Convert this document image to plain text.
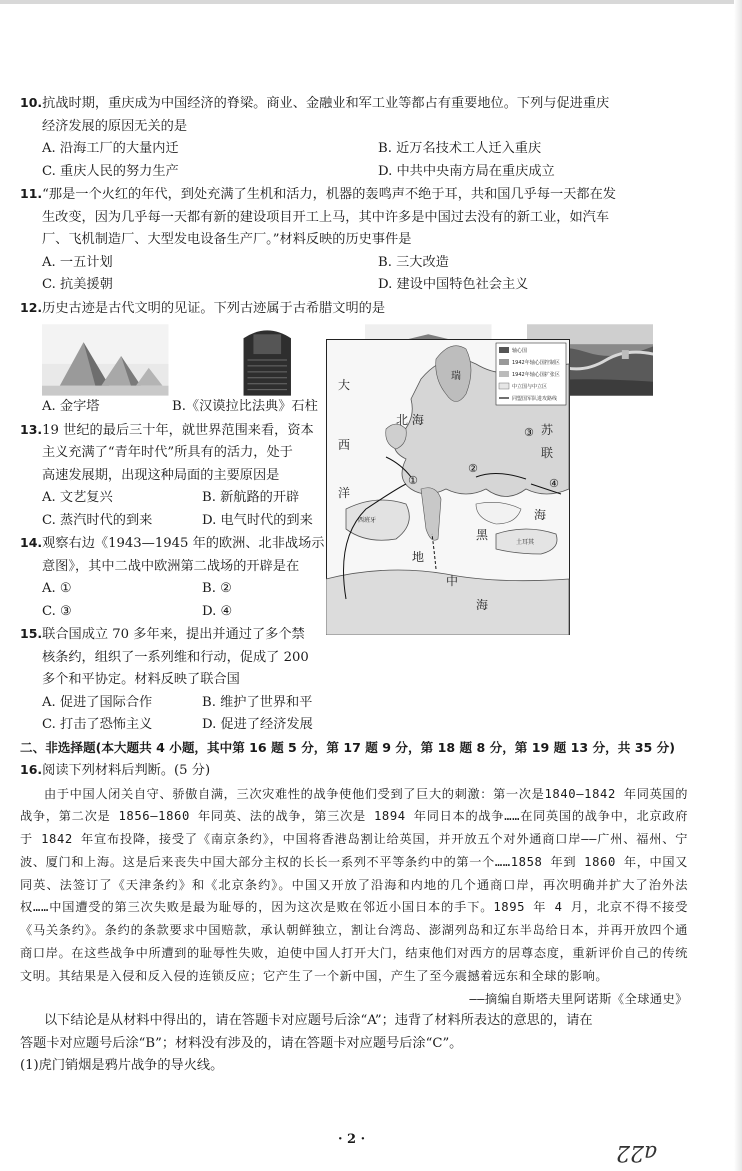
10.抗战时期，重庆成为中国经济的脊梁。商业、金融业和军工业等都占有重要地位。下列与促进重庆
经济发展的原因无关的是
A. 沿海工厂的大量内迁	B. 近万名技术工人迁入重庆
C. 重庆人民的努力生产	D. 中共中央南方局在重庆成立
11.“那是一个火红的年代，到处充满了生机和活力，机器的轰鸣声不绝于耳，共和国几乎每一天都在发
生改变，因为几乎每一天都有新的建设项目开工上马，其中许多是中国过去没有的新工业，如汽车
厂、飞机制造厂、大型发电设备生产厂。”材料反映的历史事件是
A. 一五计划	B. 三大改造
C. 抗美援朝	D. 建设中国特色社会主义
12.历史古迹是古代文明的见证。下列古迹属于古希腊文明的是
A. 金字塔	B.《汉谟拉比法典》石柱
13.19 世纪的最后三十年，就世界范围来看，资本
主义充满了“青年时代”所具有的活力，处于
高速发展期，出现这种局面的主要原因是
A. 文艺复兴	B. 新航路的开辟
C. 蒸汽时代的到来	D. 电气时代的到来
14.观察右边《1943—1945 年的欧洲、北非战场示
意图》，其中二战中欧洲第二战场的开辟是在
A. ①	B. ②
C. ③	D. ④
15.联合国成立 70 多年来，提出并通过了多个禁
核条约，组织了一系列维和行动，促成了 200
多个和平协定。材料反映了联合国
A. 促进了国际合作	B. 维护了世界和平
C. 打击了恐怖主义	D. 促进了经济发展
二、非选择题(本大题共 4 小题，其中第 16 题 5 分，第 17 题 9 分，第 18 题 8 分，第 19 题 13 分，共 35 分)
16.阅读下列材料后判断。(5 分)

由于中国人闭关自守、骄傲自满，三次灾难性的战争使他们受到了巨大的刺激：第一次是1840—1842 年同英国的战争，第二次是 1856—1860 年同英、法的战争，第三次是 1894 年同日本的战争……在同英国的战争中，北京政府于 1842 年宣布投降，接受了《南京条约》，中国将香港岛割让给英国，并开放五个对外通商口岸——广州、福州、宁波、厦门和上海。这是后来丧失中国大部分主权的长长一系列不平等条约中的第一个……1858 年到 1860 年，中国又同英、法签订了《天津条约》和《北京条约》。中国又开放了沿海和内地的几个通商口岸，再次明确并扩大了治外法权……中国遭受的第三次失败是最为耻辱的，因为这次是败在邻近小国日本的手下。1895 年 4 月，北京不得不接受《马关条约》。条约的条款要求中国赔款，承认朝鲜独立，割让台湾岛、澎湖列岛和辽东半岛给日本，并再开放四个通商口岸。在这些战争中所遭到的耻辱性失败，迫使中国人打开大门，结束他们对西方的居尊态度，重新评价自己的传统文明。其结果是入侵和反入侵的连锁反应；它产生了一个新中国，产生了至今震撼着远东和全球的影响。

——摘编自斯塔夫里阿诺斯《全球通史》
以下结论是从材料中得出的，请在答题卡对应题号后涂“A”；违背了材料所表达的意思的，请在
答题卡对应题号后涂“B”；材料没有涉及的，请在答题卡对应题号后涂“C”。
(1)虎门销烟是鸦片战争的导火线。
轴心国
1942年轴心国控制区
1942年轴心国扩张区
中立国与中立区
同盟国军队进攻路线
大
西
洋
北 海
瑞
苏
联
黑
海
地
中
海
西班牙
土耳其
①
②
③
④
· 2 ·
a22
